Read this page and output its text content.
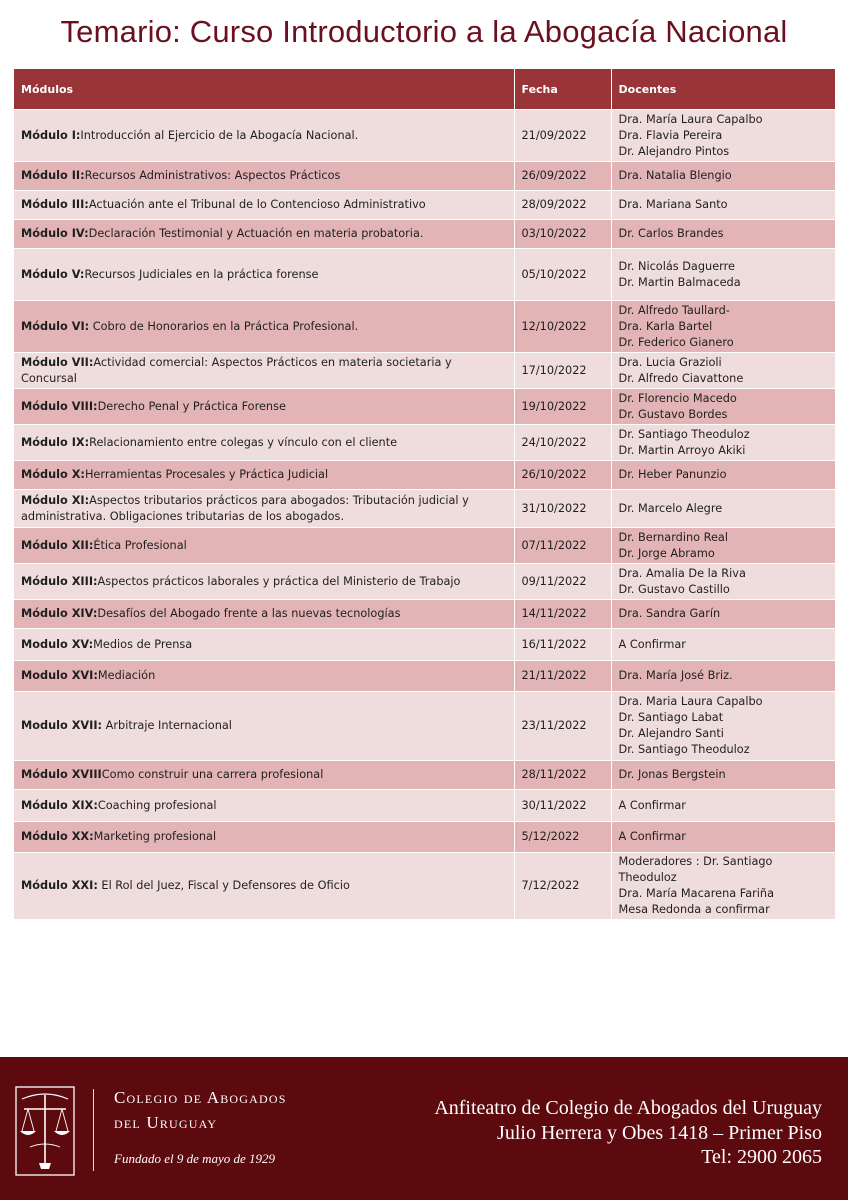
Temario: Curso Introductorio a la Abogacía Nacional
Módulos	Fecha	Docentes
Módulo I:Introducción al Ejercicio de la Abogacía Nacional.	21/09/2022	Dra. María Laura Capalbo
Dra. Flavia Pereira
Dr. Alejandro Pintos

Módulo II:Recursos Administrativos: Aspectos Prácticos	26/09/2022	Dra. Natalia Blengio

Módulo III:Actuación ante el Tribunal de lo Contencioso Administrativo	28/09/2022	Dra. Mariana Santo

Módulo IV:Declaración Testimonial y Actuación en materia probatoria.	03/10/2022	Dr. Carlos Brandes

Módulo V:Recursos Judiciales en la práctica forense	05/10/2022	Dr. Nicolás Daguerre
Dr. Martin Balmaceda

Módulo VI: Cobro de Honorarios en la Práctica Profesional.	12/10/2022	Dr. Alfredo Taullard-
Dra. Karla Bartel
Dr. Federico Gianero

Módulo VII:Actividad comercial: Aspectos Prácticos en materia societaria y Concursal	17/10/2022	Dra. Lucia Grazioli
Dr. Alfredo Ciavattone

Módulo VIII:Derecho Penal y Práctica Forense	19/10/2022	Dr. Florencio Macedo
Dr. Gustavo Bordes

Módulo IX:Relacionamiento entre colegas y vínculo con el cliente	24/10/2022	Dr. Santiago Theoduloz
Dr. Martin Arroyo Akiki

Módulo X:Herramientas Procesales y Práctica Judicial	26/10/2022	Dr. Heber Panunzio

Módulo XI:Aspectos tributarios prácticos para abogados: Tributación judicial y administrativa. Obligaciones tributarias de los abogados.	31/10/2022	Dr. Marcelo Alegre

Módulo XII:Ética Profesional	07/11/2022	Dr. Bernardino Real
Dr. Jorge Abramo

Módulo XIII:Aspectos prácticos laborales y práctica del Ministerio de Trabajo	09/11/2022	Dra. Amalia De la Riva
Dr. Gustavo Castillo

Módulo XIV:Desafíos del Abogado frente a las nuevas tecnologías	14/11/2022	Dra. Sandra Garín

Modulo XV:Medios de Prensa	16/11/2022	A Confirmar

Modulo XVI:Mediación	21/11/2022	Dra. María José Briz.

Modulo XVII: Arbitraje Internacional	23/11/2022	Dra. Maria Laura Capalbo
Dr. Santiago Labat
Dr. Alejandro Santi
Dr. Santiago Theoduloz

Módulo XVIIIComo construir una carrera profesional	28/11/2022	Dr. Jonas Bergstein

Módulo XIX:Coaching profesional	30/11/2022	A Confirmar

Módulo XX:Marketing profesional	5/12/2022	A Confirmar

Módulo XXI: El Rol del Juez, Fiscal y Defensores de Oficio	7/12/2022	Moderadores : Dr. Santiago Theoduloz
Dra. María Macarena Fariña
Mesa Redonda a confirmar
Colegio de Abogados
del Uruguay
Fundado el 9 de mayo de 1929
Anfiteatro de Colegio de Abogados del Uruguay
Julio Herrera y Obes 1418 – Primer Piso
Tel: 2900 2065
